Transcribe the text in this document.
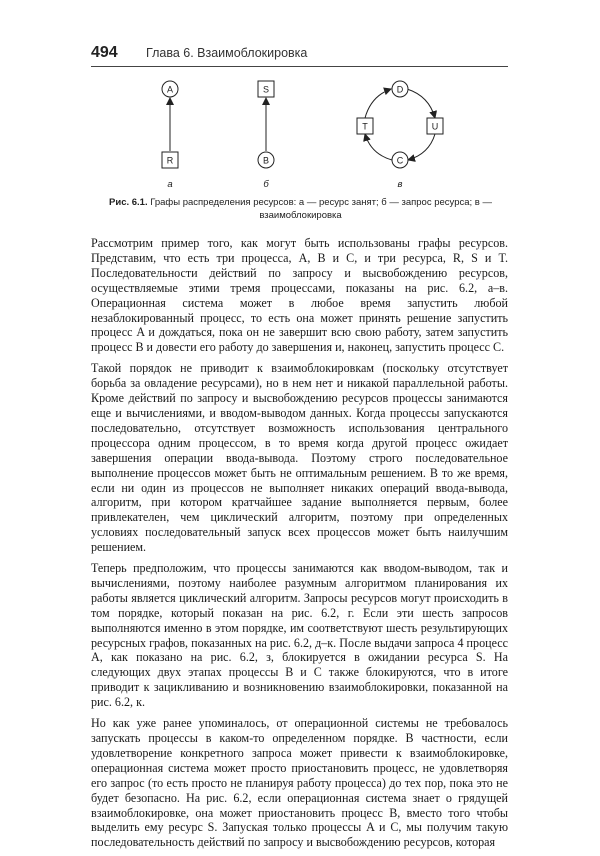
494 Глава 6. Взаимоблокировка
A
R
а
S
B
б
D
U
C
T
в
Рис. 6.1. Графы распределения ресурсов: а — ресурс занят; б — запрос ресурса; в — взаимоблокировка

Рассмотрим пример того, как могут быть использованы графы ресурсов. Представим, что есть три процесса, A, B и C, и три ресурса, R, S и T. Последовательности действий по запросу и высвобождению ресурсов, осуществляемые этими тремя процессами, показаны на рис. 6.2, а–в. Операционная система может в любое время запустить любой незаблокированный процесс, то есть она может принять решение запустить процесс A и дождаться, пока он не завершит всю свою работу, затем запустить процесс B и довести его работу до завершения и, наконец, запустить процесс C.

Такой порядок не приводит к взаимоблокировкам (поскольку отсутствует борьба за овладение ресурсами), но в нем нет и никакой параллельной работы. Кроме действий по запросу и высвобождению ресурсов процессы занимаются еще и вычислениями, и вводом-выводом данных. Когда процессы запускаются последовательно, отсутствует возможность использования центрального процессора одним процессом, в то время когда другой процесс ожидает завершения операции ввода-вывода. Поэтому строго последовательное выполнение процессов может быть не оптимальным решением. В то же время, если ни один из процессов не выполняет никаких операций ввода-вывода, алгоритм, при котором кратчайшее задание выполняется первым, более привлекателен, чем циклический алгоритм, поэтому при определенных условиях последовательный запуск всех процессов может быть наилучшим решением.

Теперь предположим, что процессы занимаются как вводом-выводом, так и вычислениями, поэтому наиболее разумным алгоритмом планирования их работы является циклический алгоритм. Запросы ресурсов могут происходить в том порядке, который показан на рис. 6.2, г. Если эти шесть запросов выполняются именно в этом порядке, им соответствуют шесть результирующих ресурсных графов, показанных на рис. 6.2, д–к. После выдачи запроса 4 процесс A, как показано на рис. 6.2, з, блокируется в ожидании ресурса S. На следующих двух этапах процессы B и C также блокируются, что в итоге приводит к зацикливанию и возникновению взаимоблокировки, показанной на рис. 6.2, к.

Но как уже ранее упоминалось, от операционной системы не требовалось запускать процессы в каком-то определенном порядке. В частности, если удовлетворение конкретного запроса может привести к взаимоблокировке, операционная система может просто приостановить процесс, не удовлетворяя его запрос (то есть просто не планируя работу процесса) до тех пор, пока это не будет безопасно. На рис. 6.2, если операционная система знает о грядущей взаимоблокировке, она может приостановить процесс B, вместо того чтобы выделить ему ресурс S. Запуская только процессы A и C, мы получим такую последовательность действий по запросу и высвобождению ресурсов, которая
